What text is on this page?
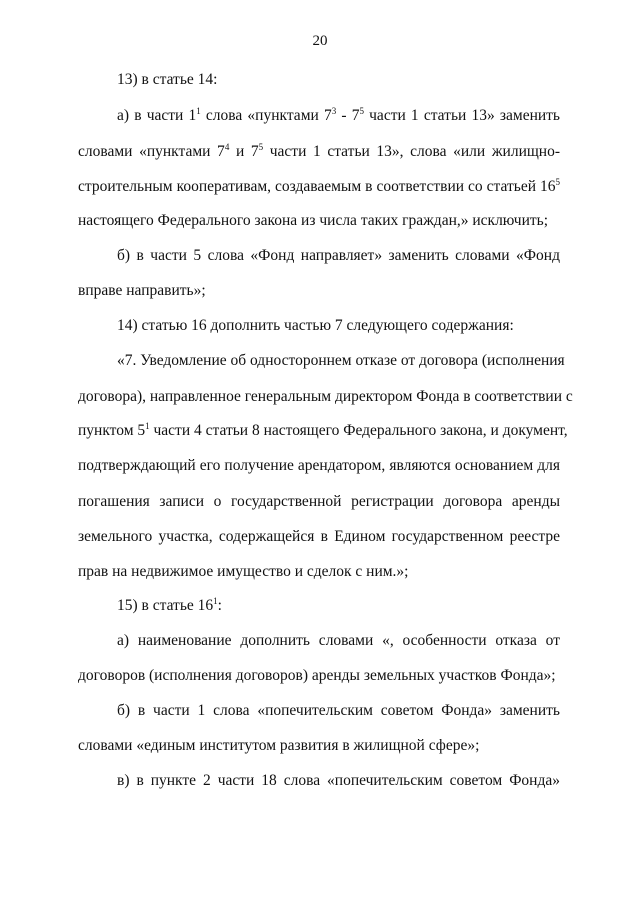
20
13) в статье 14:
а) в части $1^1$ слова «пунктами $7^3 - 7^5$ части 1 статьи 13» заменить
словами «пунктами $7^4$ и $7^5$ части 1 статьи 13», слова «или жилищно-
строительным кооперативам, создаваемым в соответствии со статьей $16^5$
настоящего Федерального закона из числа таких граждан,» исключить;
б) в части 5 слова «Фонд направляет» заменить словами «Фонд
вправе направить»;
14) статью 16 дополнить частью 7 следующего содержания:
«7. Уведомление об одностороннем отказе от договора (исполнения
договора), направленное генеральным директором Фонда в соответствии с
пунктом $5^1$ части 4 статьи 8 настоящего Федерального закона, и документ,
подтверждающий его получение арендатором, являются основанием для
погашения записи о государственной регистрации договора аренды
земельного участка, содержащейся в Едином государственном реестре
прав на недвижимое имущество и сделок с ним.»;
15) в статье $16^1$:
а) наименование дополнить словами «, особенности отказа от
договоров (исполнения договоров) аренды земельных участков Фонда»;
б) в части 1 слова «попечительским советом Фонда» заменить
словами «единым институтом развития в жилищной сфере»;
в) в пункте 2 части 18 слова «попечительским советом Фонда»
